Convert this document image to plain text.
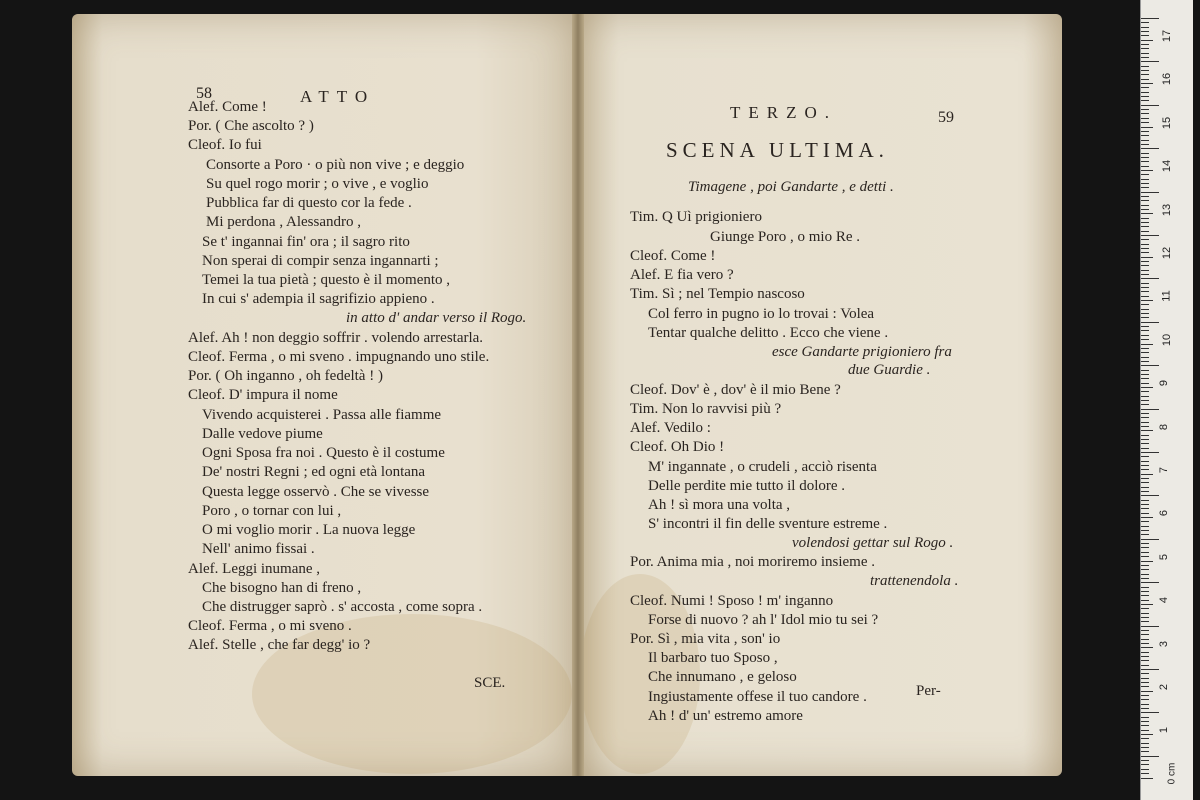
58	ATTO
Alef. Come !
Por. ( Che ascolto ? )
Cleof. Io fui
Consorte a Poro · o più non vive ; e deggio
Su quel rogo morir ; o vive , e voglio
Pubblica far di questo cor la fede .
Mi perdona , Alessandro ,
Se t' ingannai fin' ora ; il sagro rito
Non sperai di compir senza ingannarti ;
Temei la tua pietà ; questo è il momento ,
In cui s' adempia il sagrifizio appieno .
in atto d' andar verso il Rogo.
Alef. Ah ! non deggio soffrir . volendo arrestarla.
Cleof. Ferma , o mi sveno . impugnando uno stile.
Por. ( Oh inganno , oh fedeltà ! )
Cleof. D' impura il nome
Vivendo acquisterei . Passa alle fiamme
Dalle vedove piume
Ogni Sposa fra noi . Questo è il costume
De' nostri Regni ; ed ogni età lontana
Questa legge osservò . Che se vivesse
Poro , o tornar con lui ,
O mi voglio morir . La nuova legge
Nell' animo fissai .
Alef. Leggi inumane ,
Che bisogno han di freno ,
Che distrugger saprò . s' accosta , come sopra .
Cleof. Ferma , o mi sveno .
Alef. Stelle , che far degg' io ?
SCE.
TERZO.	59
SCENA ULTIMA.
Timagene , poi Gandarte , e detti .
Tim. Q Uì prigioniero
Giunge Poro , o mio Re .
Cleof. Come !
Alef. E fia vero ?
Tim. Sì ; nel Tempio nascoso
Col ferro in pugno io lo trovai : Volea
Tentar qualche delitto . Ecco che viene .
esce Gandarte prigioniero fra
due Guardie .
Cleof. Dov' è , dov' è il mio Bene ?
Tim. Non lo ravvisi più ?
Alef. Vedilo :
Cleof. Oh Dio !
M' ingannate , o crudeli , acciò risenta
Delle perdite mie tutto il dolore .
Ah ! sì mora una volta ,
S' incontri il fin delle sventure estreme .
volendosi gettar sul Rogo .
Por. Anima mia , noi moriremo insieme .
trattenendola .
Cleof. Numi ! Sposo ! m' inganno
Forse di nuovo ? ah l' Idol mio tu sei ?
Por. Sì , mia vita , son' io
Il barbaro tuo Sposo ,
Che innumano , e geloso
Ingiustamente offese il tuo candore .
Ah ! d' un' estremo amore
Per-
17
16
15
14
13
12
11
10
9
8
7
6
5
4
3
2
1
0 cm
